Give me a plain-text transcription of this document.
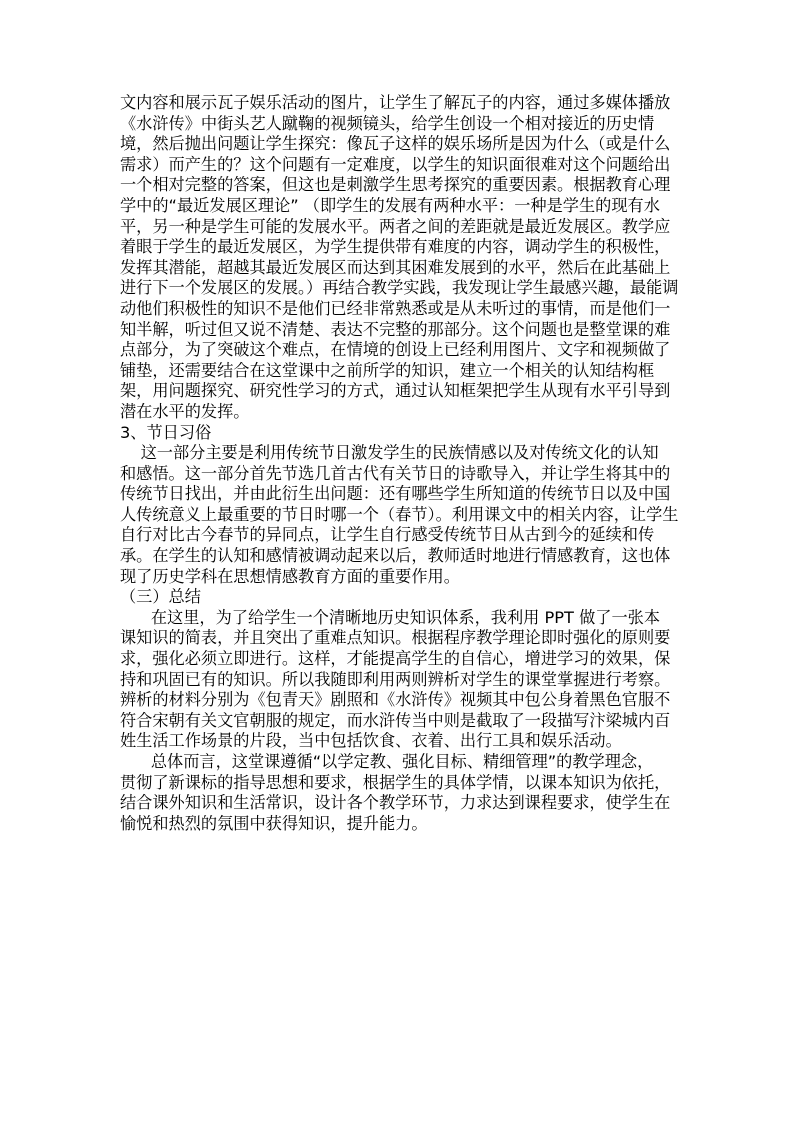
文内容和展示瓦子娱乐活动的图片，让学生了解瓦子的内容，通过多媒体播放
《水浒传》中街头艺人蹴鞠的视频镜头，给学生创设一个相对接近的历史情
境，然后抛出问题让学生探究：像瓦子这样的娱乐场所是因为什么（或是什么
需求）而产生的？这个问题有一定难度，以学生的知识面很难对这个问题给出
一个相对完整的答案，但这也是刺激学生思考探究的重要因素。根据教育心理
学中的“最近发展区理论” （即学生的发展有两种水平：一种是学生的现有水
平，另一种是学生可能的发展水平。两者之间的差距就是最近发展区。教学应
着眼于学生的最近发展区，为学生提供带有难度的内容，调动学生的积极性，
发挥其潜能，超越其最近发展区而达到其困难发展到的水平，然后在此基础上
进行下一个发展区的发展。）再结合教学实践，我发现让学生最感兴趣，最能调
动他们积极性的知识不是他们已经非常熟悉或是从未听过的事情，而是他们一
知半解，听过但又说不清楚、表达不完整的那部分。这个问题也是整堂课的难
点部分，为了突破这个难点，在情境的创设上已经利用图片、文字和视频做了
铺垫，还需要结合在这堂课中之前所学的知识，建立一个相关的认知结构框
架，用问题探究、研究性学习的方式，通过认知框架把学生从现有水平引导到
潜在水平的发挥。
3、节日习俗
这一部分主要是利用传统节日激发学生的民族情感以及对传统文化的认知
和感悟。这一部分首先节选几首古代有关节日的诗歌导入，并让学生将其中的
传统节日找出，并由此衍生出问题：还有哪些学生所知道的传统节日以及中国
人传统意义上最重要的节日时哪一个（春节）。利用课文中的相关内容，让学生
自行对比古今春节的异同点，让学生自行感受传统节日从古到今的延续和传
承。在学生的认知和感情被调动起来以后，教师适时地进行情感教育，这也体
现了历史学科在思想情感教育方面的重要作用。
（三）总结
在这里，为了给学生一个清晰地历史知识体系，我利用 PPT 做了一张本
课知识的简表，并且突出了重难点知识。根据程序教学理论即时强化的原则要
求，强化必须立即进行。这样，才能提高学生的自信心，增进学习的效果，保
持和巩固已有的知识。所以我随即利用两则辨析对学生的课堂掌握进行考察。
辨析的材料分别为《包青天》剧照和《水浒传》视频其中包公身着黑色官服不
符合宋朝有关文官朝服的规定，而水浒传当中则是截取了一段描写汴梁城内百
姓生活工作场景的片段，当中包括饮食、衣着、出行工具和娱乐活动。
总体而言，这堂课遵循“以学定教、强化目标、精细管理”的教学理念，
贯彻了新课标的指导思想和要求，根据学生的具体学情，以课本知识为依托，
结合课外知识和生活常识，设计各个教学环节，力求达到课程要求，使学生在
愉悦和热烈的氛围中获得知识，提升能力。
